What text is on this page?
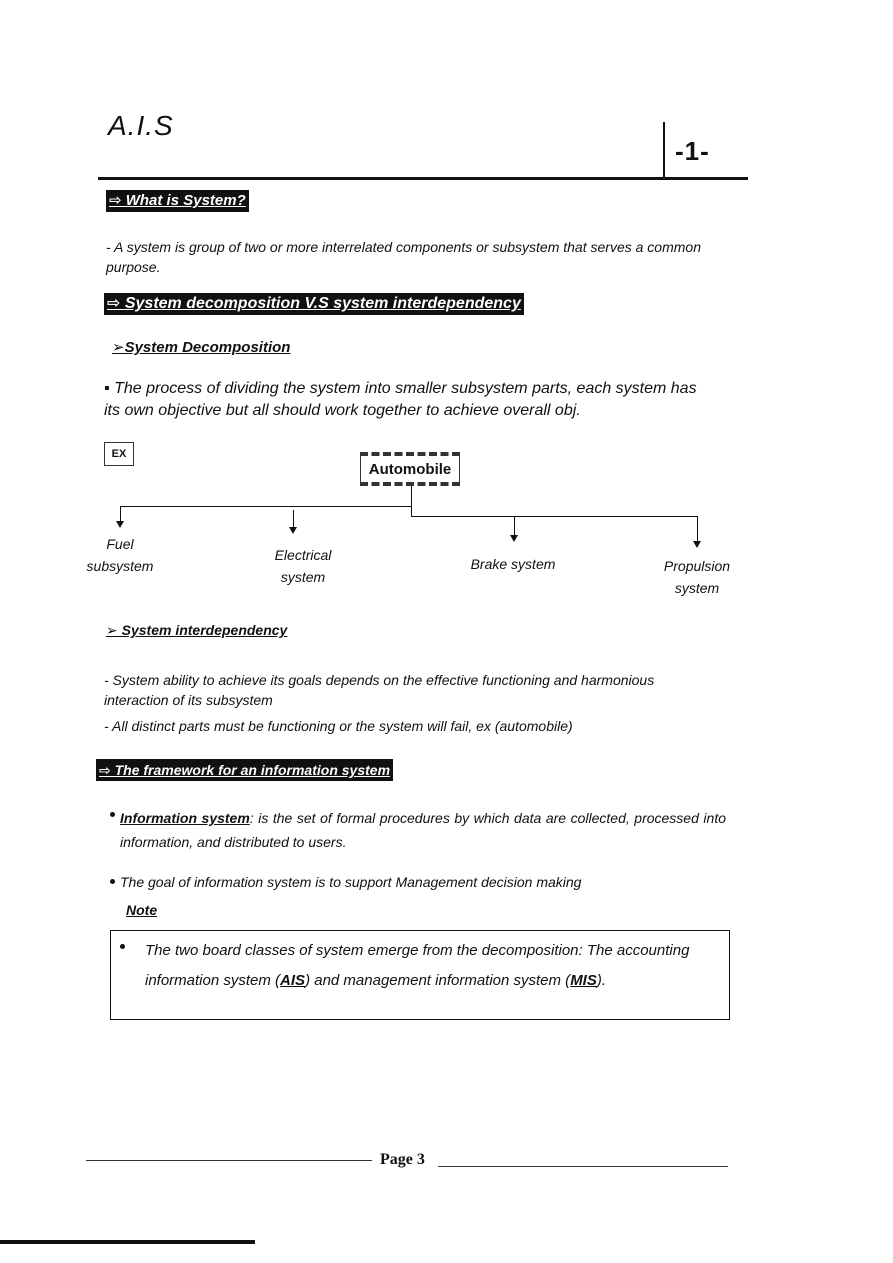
A.I.S
-1-
⇨ What is System?
- A system is group of two or more interrelated components or subsystem that serves a common purpose.
⇨ System decomposition V.S system interdependency
➢System Decomposition
▪ The process of dividing the system into smaller subsystem parts, each system has its own objective but all should work together to achieve overall obj.
EX
Automobile
Fuel subsystem
Electrical system
Brake system	Propulsion system
➢ System interdependency
- System ability to achieve its goals depends on the effective functioning and harmonious interaction of its subsystem
- All distinct parts must be functioning or the system will fail, ex (automobile)
⇨ The framework for an information system
Information system: is the set of formal procedures by which data are collected, processed into information, and distributed to users.
The goal of information system is to support Management decision making
Note
The two board classes of system emerge from the decomposition: The accounting information system (AIS) and management information system (MIS).
Page 3
